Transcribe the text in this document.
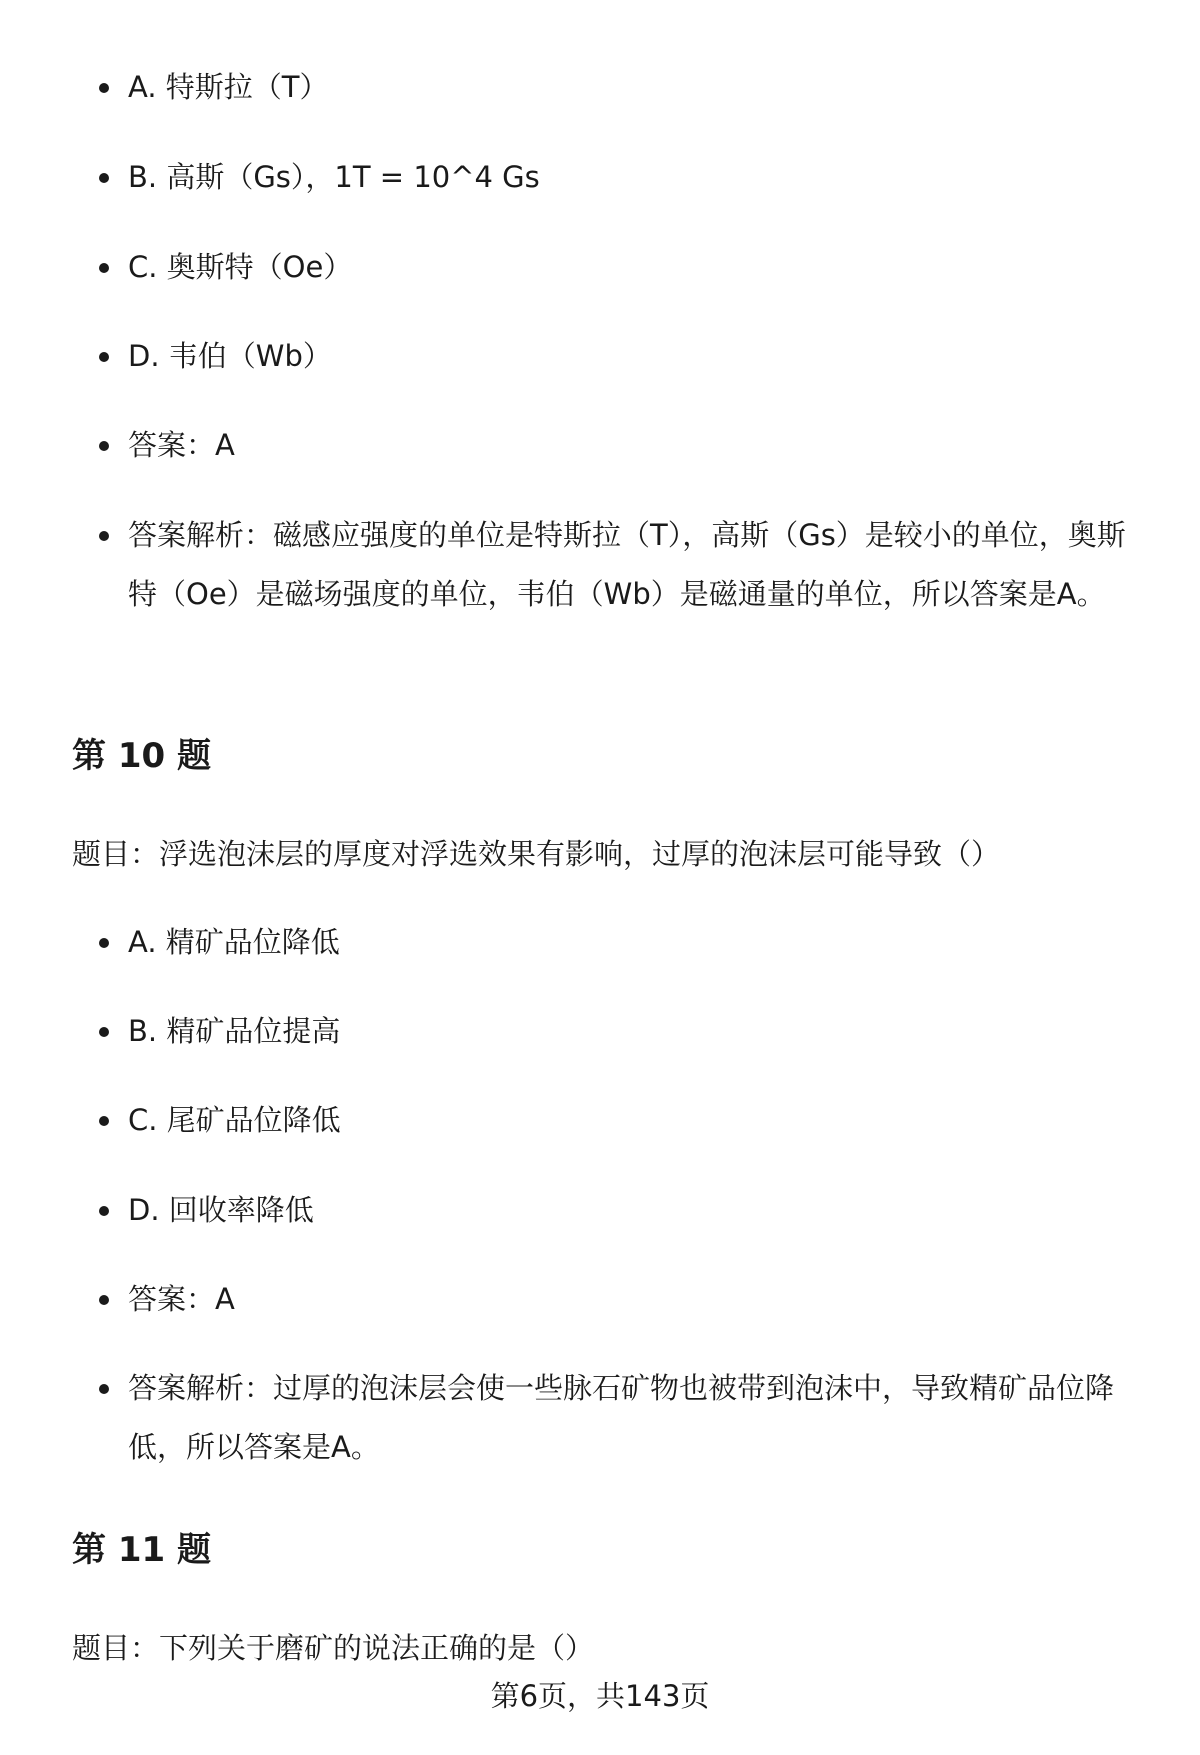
A. 特斯拉（T）
B. 高斯（Gs），1T = 10^4 Gs
C. 奥斯特（Oe）
D. 韦伯（Wb）
答案：A
答案解析：磁感应强度的单位是特斯拉（T），高斯（Gs）是较小的单位，奥斯特（Oe）是磁场强度的单位，韦伯（Wb）是磁通量的单位，所以答案是A。
第 10 题
题目：浮选泡沫层的厚度对浮选效果有影响，过厚的泡沫层可能导致（）
A. 精矿品位降低
B. 精矿品位提高
C. 尾矿品位降低
D. 回收率降低
答案：A
答案解析：过厚的泡沫层会使一些脉石矿物也被带到泡沫中，导致精矿品位降低，所以答案是A。
第 11 题
题目：下列关于磨矿的说法正确的是（）
第6页，共143页
